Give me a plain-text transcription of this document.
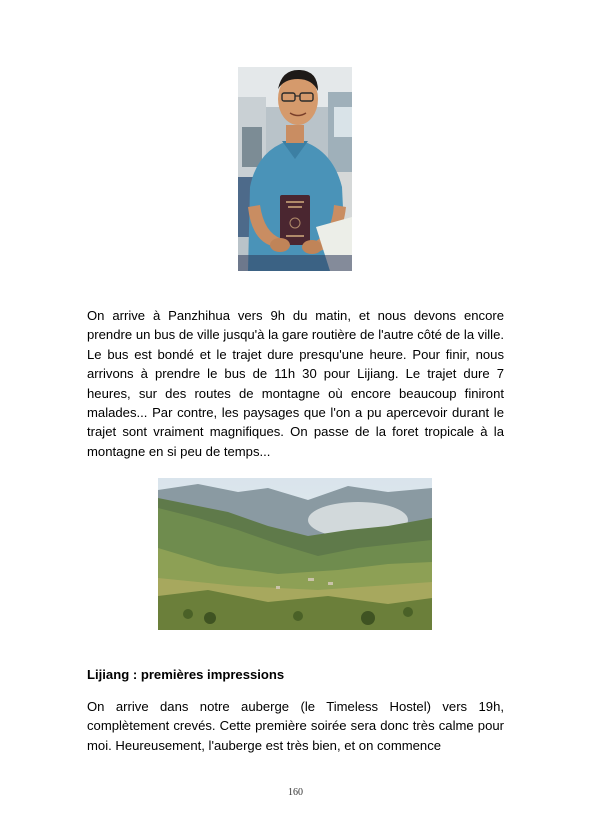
On arrive à Panzhihua vers 9h du matin, et nous devons encore prendre un bus de ville jusqu'à la gare routière de l'autre côté de la ville. Le bus est bondé et le trajet dure presqu'une heure. Pour finir, nous arrivons à prendre le bus de 11h 30 pour Lijiang. Le trajet dure 7 heures, sur des routes de montagne où encore beaucoup finiront malades... Par contre, les paysages que l'on a pu apercevoir durant le trajet sont vraiment magnifiques. On passe de la foret tropicale à la montagne en si peu de temps...

Lijiang : premières impressions

On arrive dans notre auberge (le Timeless Hostel) vers 19h, complètement crevés. Cette première soirée sera donc très calme pour moi. Heureusement, l'auberge est très bien, et on commence

160
